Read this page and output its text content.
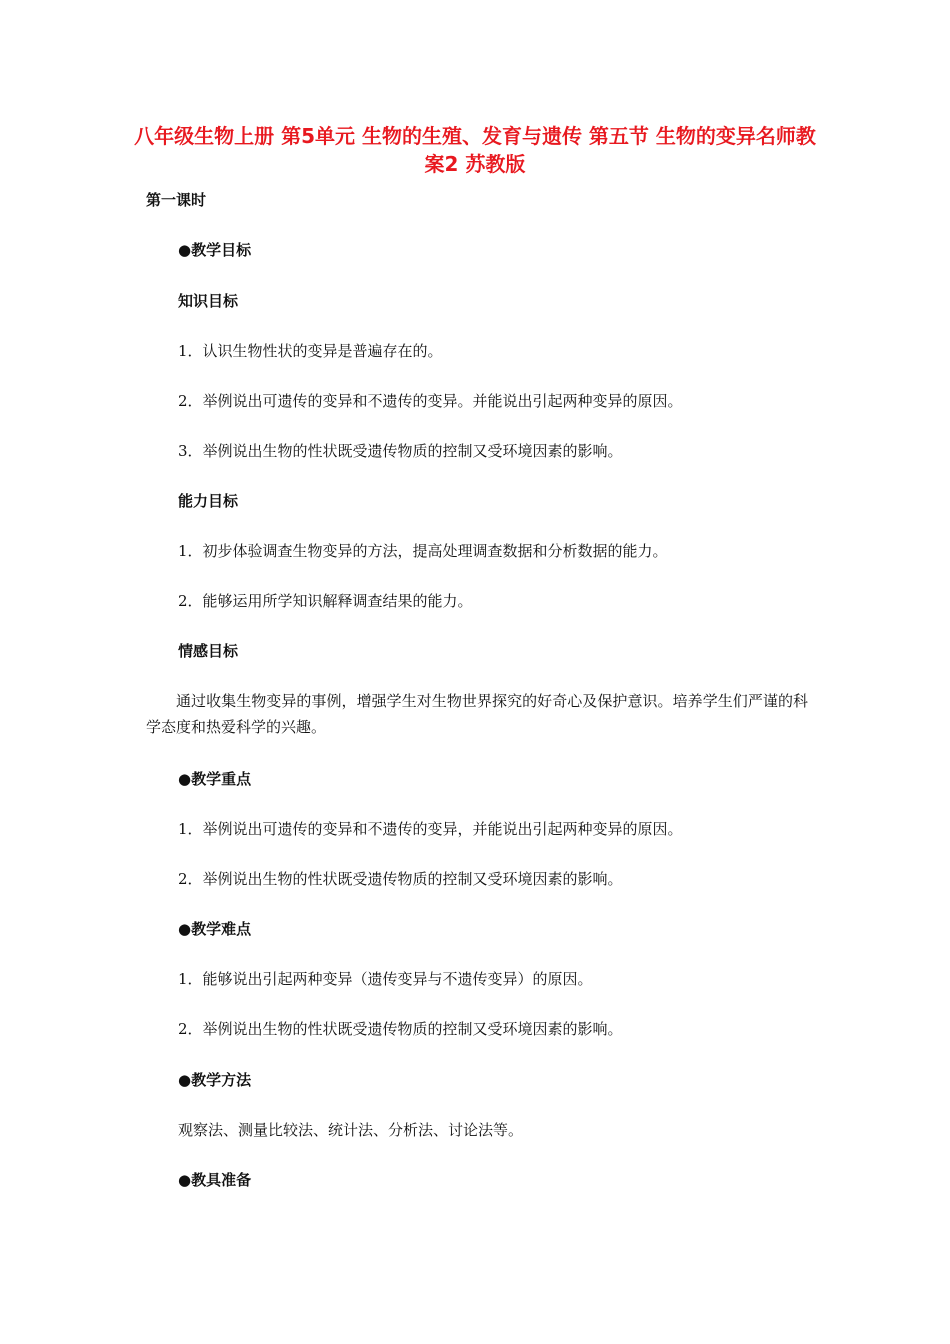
八年级生物上册 第5单元 生物的生殖、发育与遗传 第五节 生物的变异名师教案2 苏教版
第一课时
●教学目标
知识目标
1．认识生物性状的变异是普遍存在的。
2．举例说出可遗传的变异和不遗传的变异。并能说出引起两种变异的原因。
3．举例说出生物的性状既受遗传物质的控制又受环境因素的影响。
能力目标
1．初步体验调查生物变异的方法，提高处理调查数据和分析数据的能力。
2．能够运用所学知识解释调查结果的能力。
情感目标
通过收集生物变异的事例，增强学生对生物世界探究的好奇心及保护意识。培养学生们严谨的科学态度和热爱科学的兴趣。
●教学重点
1．举例说出可遗传的变异和不遗传的变异，并能说出引起两种变异的原因。
2．举例说出生物的性状既受遗传物质的控制又受环境因素的影响。
●教学难点
1．能够说出引起两种变异（遗传变异与不遗传变异）的原因。
2．举例说出生物的性状既受遗传物质的控制又受环境因素的影响。
●教学方法
观察法、测量比较法、统计法、分析法、讨论法等。
●教具准备
